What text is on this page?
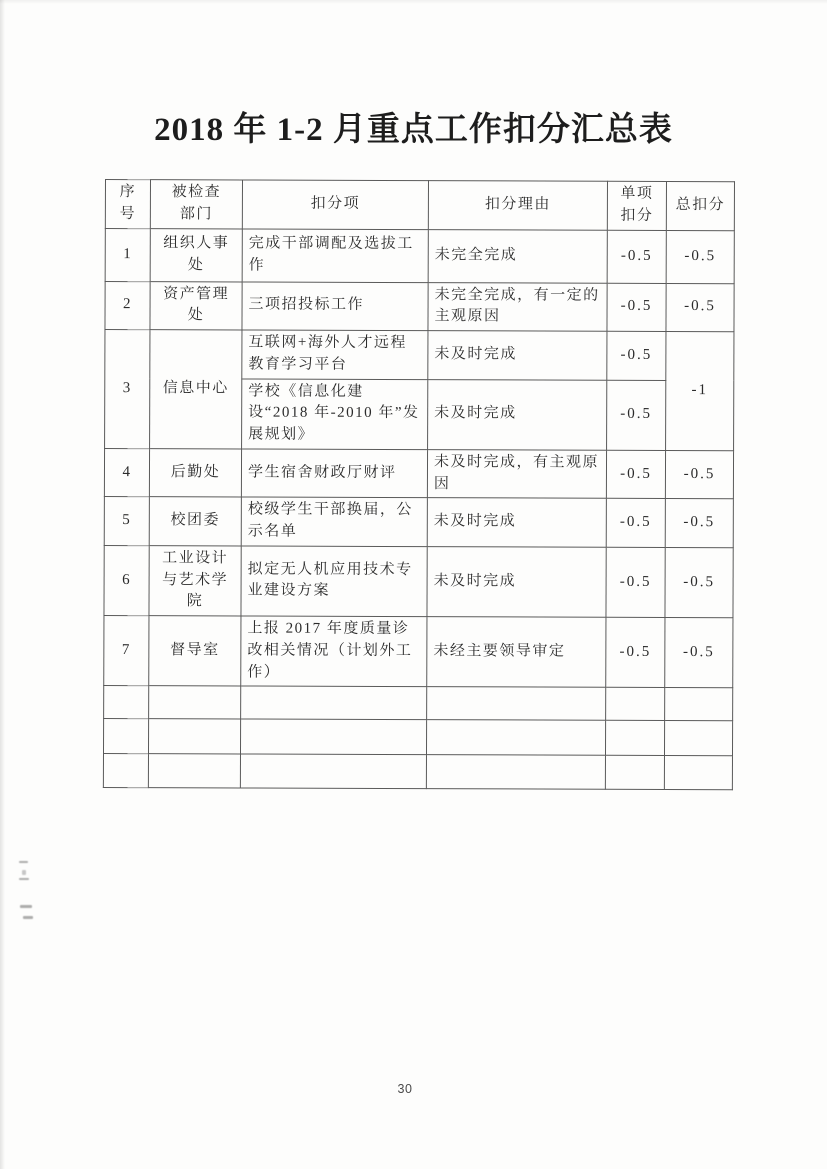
2018 年 1-2 月重点工作扣分汇总表
序号	被检查部门	扣分项	扣分理由	单项扣分	总扣分
1	组织人事处	完成干部调配及选拔工作	未完全完成	-0.5	-0.5
2	资产管理处	三项招投标工作	未完全完成，有一定的主观原因	-0.5	-0.5
3	信息中心	互联网+海外人才远程教育学习平台	未及时完成	-0.5	-1
		学校《信息化建设“2018 年-2010 年”发展规划》	未及时完成	-0.5	
4	后勤处	学生宿舍财政厅财评	未及时完成，有主观原因	-0.5	-0.5
5	校团委	校级学生干部换届，公示名单	未及时完成	-0.5	-0.5
6	工业设计与艺术学院	拟定无人机应用技术专业建设方案	未及时完成	-0.5	-0.5
7	督导室	上报 2017 年度质量诊改相关情况（计划外工作）	未经主要领导审定	-0.5	-0.5

30
